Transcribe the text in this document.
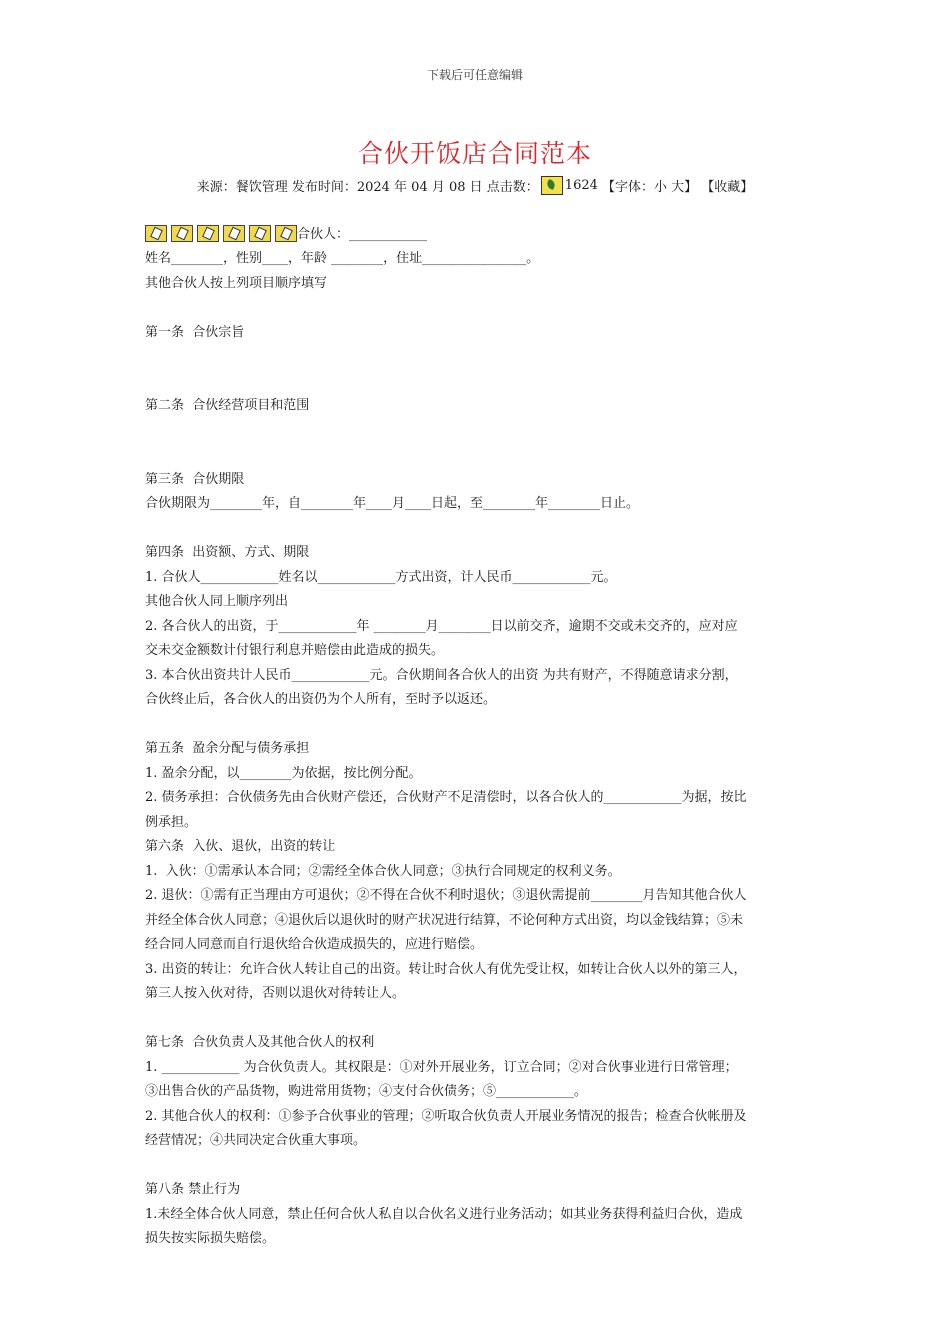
下载后可任意编辑
合伙开饭店合同范本
来源：餐饮管理 发布时间：2024 年 04 月 08 日 点击数： 1624 【字体：小 大】 【收藏】

合伙人：____________

姓名________，性别____，年龄 ________，住址________________。

其他合伙人按上列项目顺序填写

第一条  合伙宗旨

第二条  合伙经营项目和范围

第三条  合伙期限

合伙期限为________年，自________年____月____日起，至________年________日止。

第四条  出资额、方式、期限

1. 合伙人____________姓名以____________方式出资，计人民币____________元。

其他合伙人同上顺序列出

2. 各合伙人的出资，于____________年 ________月________日以前交齐，逾期不交或未交齐的，应对应

交未交金额数计付银行利息并赔偿由此造成的损失。

3. 本合伙出资共计人民币____________元。合伙期间各合伙人的出资 为共有财产，不得随意请求分割，

合伙终止后，各合伙人的出资仍为个人所有，至时予以返还。

第五条  盈余分配与债务承担

1. 盈余分配，以________为依据，按比例分配。

2. 债务承担：合伙债务先由合伙财产偿还，合伙财产不足清偿时，以各合伙人的____________为据，按比

例承担。

第六条  入伙、退伙，出资的转让

1.  入伙：①需承认本合同；②需经全体合伙人同意；③执行合同规定的权利义务。

2. 退伙：①需有正当理由方可退伙；②不得在合伙不利时退伙；③退伙需提前________月告知其他合伙人

并经全体合伙人同意；④退伙后以退伙时的财产状况进行结算，不论何种方式出资，均以金钱结算；⑤未

经合同人同意而自行退伙给合伙造成损失的，应进行赔偿。

3. 出资的转让：允许合伙人转让自己的出资。转让时合伙人有优先受让权，如转让合伙人以外的第三人，

第三人按入伙对待，否则以退伙对待转让人。

第七条  合伙负责人及其他合伙人的权利

1. ____________ 为合伙负责人。其权限是：①对外开展业务，订立合同；②对合伙事业进行日常管理；

③出售合伙的产品货物，购进常用货物；④支付合伙债务；⑤____________。

2. 其他合伙人的权利：①参予合伙事业的管理；②听取合伙负责人开展业务情况的报告；检查合伙帐册及

经营情况；④共同决定合伙重大事项。

第八条 禁止行为

1.未经全体合伙人同意，禁止任何合伙人私自以合伙名义进行业务活动；如其业务获得利益归合伙，造成

损失按实际损失赔偿。
